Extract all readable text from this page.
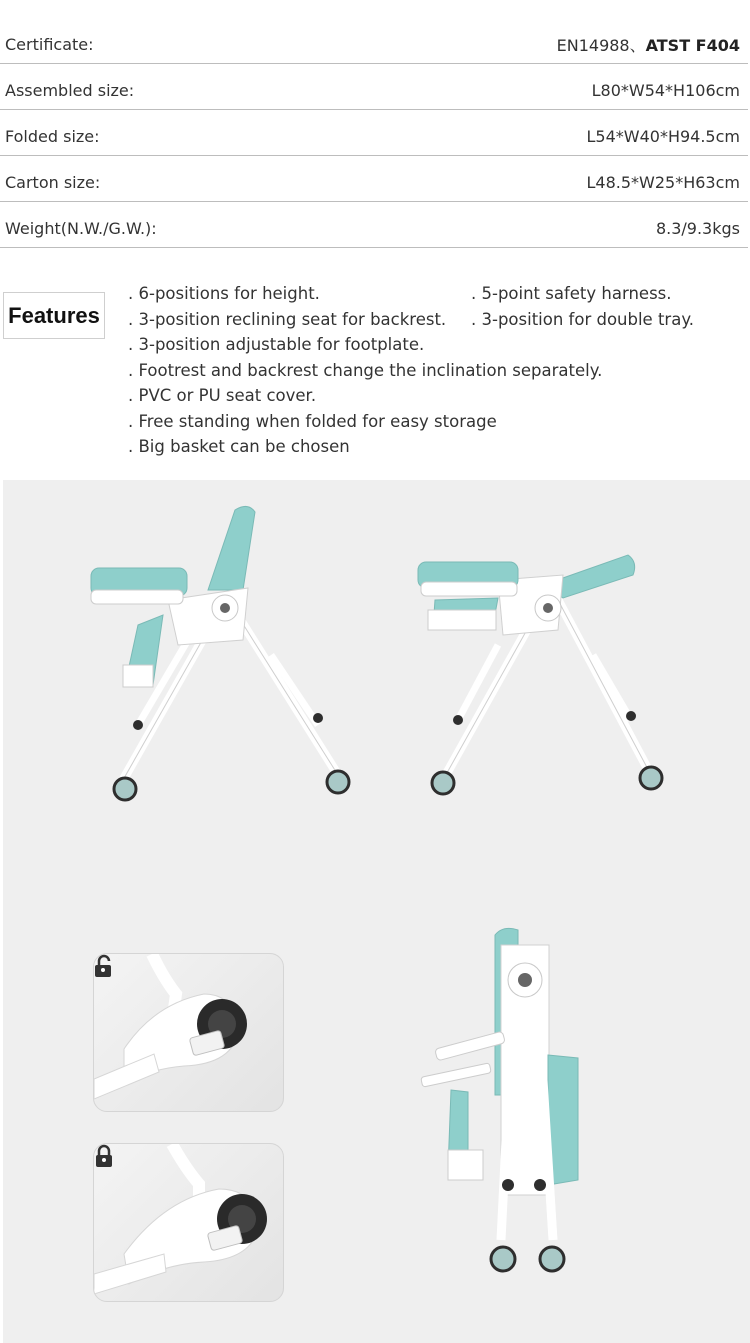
Certificate:	EN14988、ATST F404
Assembled size:	L80*W54*H106cm
Folded size:	L54*W40*H94.5cm
Carton size:	L48.5*W25*H63cm
Weight(N.W./G.W.):	8.3/9.3kgs
Features
. 6-positions for height.	. 5-point safety harness.
. 3-position reclining seat for backrest. . 3-position for double tray.
. 3-position adjustable for footplate.
. Footrest and backrest change the inclination separately.
. PVC or PU seat cover.
. Free standing when folded for easy storage
. Big basket can be chosen
